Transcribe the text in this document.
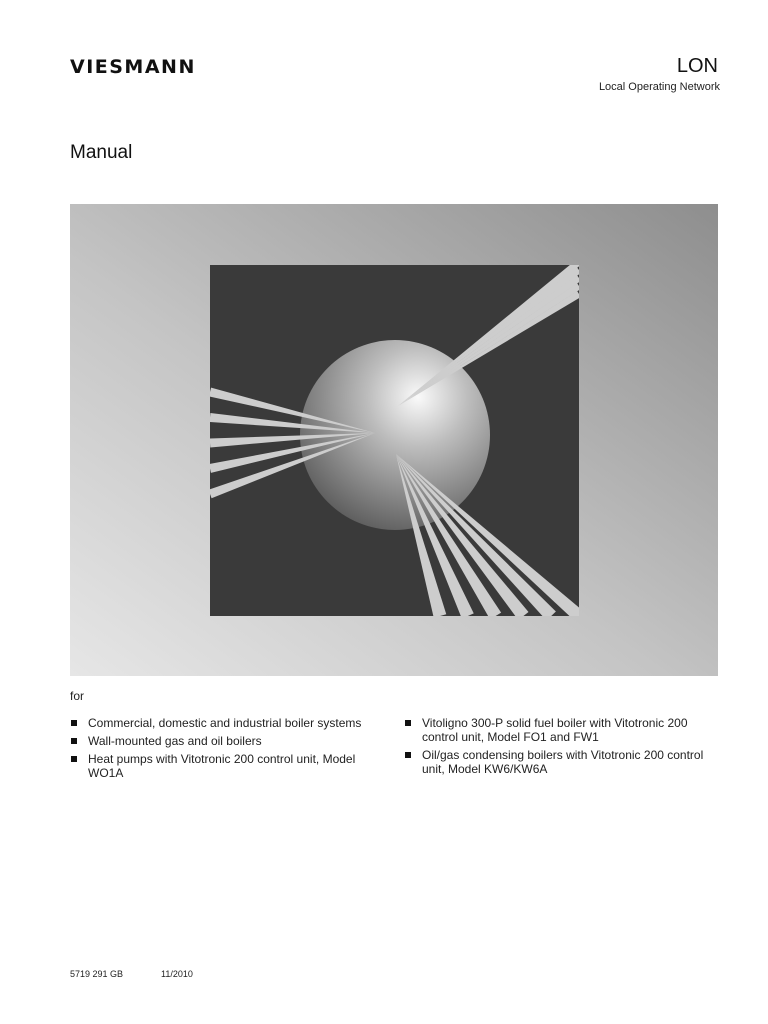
VIESMANN	LON
Local Operating Network
Manual
for
Commercial, domestic and industrial boiler systems
Wall-mounted gas and oil boilers
Heat pumps with Vitotronic 200 control unit, Model WO1A
Vitoligno 300-P solid fuel boiler with Vitotronic 200 control unit, Model FO1 and FW1
Oil/gas condensing boilers with Vitotronic 200 control unit, Model KW6/KW6A
5719 291 GB	11/2010
